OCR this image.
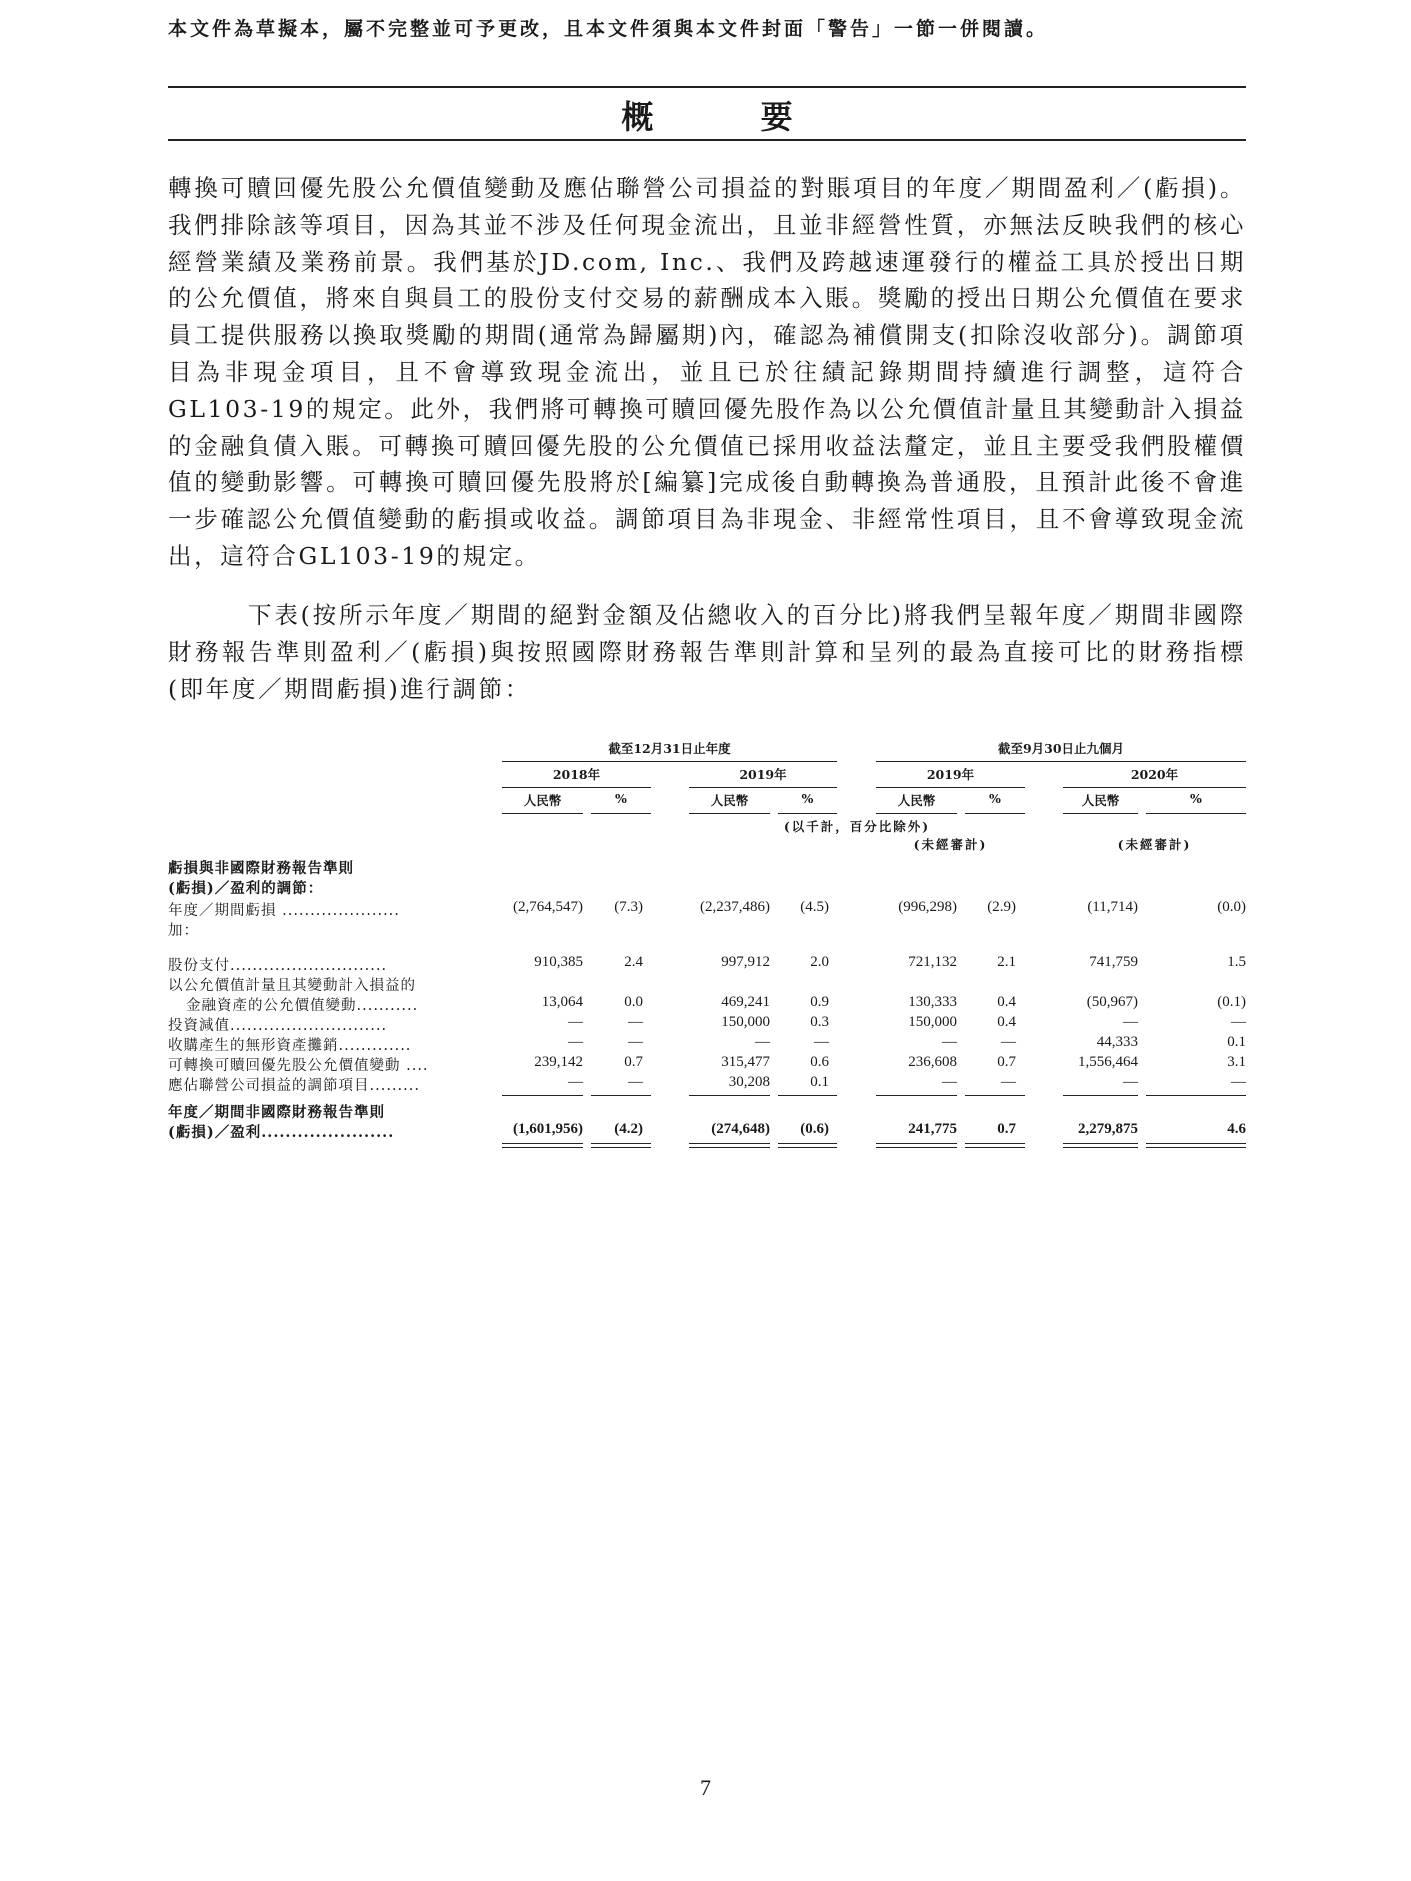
本文件為草擬本，屬不完整並可予更改，且本文件須與本文件封面「警告」一節一併閱讀。
概 要

轉換可贖回優先股公允價值變動及應佔聯營公司損益的對賬項目的年度／期間盈利／(虧損)。我們排除該等項目，因為其並不涉及任何現金流出，且並非經營性質，亦無法反映我們的核心經營業績及業務前景。我們基於JD.com, Inc.、我們及跨越速運發行的權益工具於授出日期的公允價值，將來自與員工的股份支付交易的薪酬成本入賬。獎勵的授出日期公允價值在要求員工提供服務以換取獎勵的期間(通常為歸屬期)內，確認為補償開支(扣除沒收部分)。調節項目為非現金項目，且不會導致現金流出，並且已於往績記錄期間持續進行調整，這符合GL103-19的規定。此外，我們將可轉換可贖回優先股作為以公允價值計量且其變動計入損益的金融負債入賬。可轉換可贖回優先股的公允價值已採用收益法釐定，並且主要受我們股權價值的變動影響。可轉換可贖回優先股將於[編纂]完成後自動轉換為普通股，且預計此後不會進一步確認公允價值變動的虧損或收益。調節項目為非現金、非經常性項目，且不會導致現金流出，這符合GL103-19的規定。

下表(按所示年度／期間的絕對金額及佔總收入的百分比)將我們呈報年度／期間非國際財務報告準則盈利／(虧損)與按照國際財務報告準則計算和呈列的最為直接可比的財務指標(即年度／期間虧損)進行調節：

截至12月31日止年度	截至9月30日止九個月
2018年	2019年	2019年	2020年
人民幣	%	人民幣	%	人民幣	%	人民幣	%
(以千計，百分比除外)
(未經審計)	(未經審計)
虧損與非國際財務報告準則
(虧損)／盈利的調節：
年度／期間虧損 .....................	(2,764,547)	(7.3)	(2,237,486)	(4.5)	(996,298)	(2.9)	(11,714)	(0.0)
加：
股份支付............................	910,385	2.4	997,912	2.0	721,132	2.1	741,759	1.5
以公允價值計量且其變動計入損益的
金融資產的公允價值變動...........	13,064	0.0	469,241	0.9	130,333	0.4	(50,967)	(0.1)
投資減值............................	—	—	150,000	0.3	150,000	0.4	—	—
收購產生的無形資產攤銷.............	—	—	—	—	—	—	44,333	0.1
可轉換可贖回優先股公允價值變動 ....	239,142	0.7	315,477	0.6	236,608	0.7	1,556,464	3.1
應佔聯營公司損益的調節項目.........	—	—	30,208	0.1	—	—	—	—
年度／期間非國際財務報告準則
(虧損)／盈利......................	(1,601,956)	(4.2)	(274,648)	(0.6)	241,775	0.7	2,279,875	4.6
7
